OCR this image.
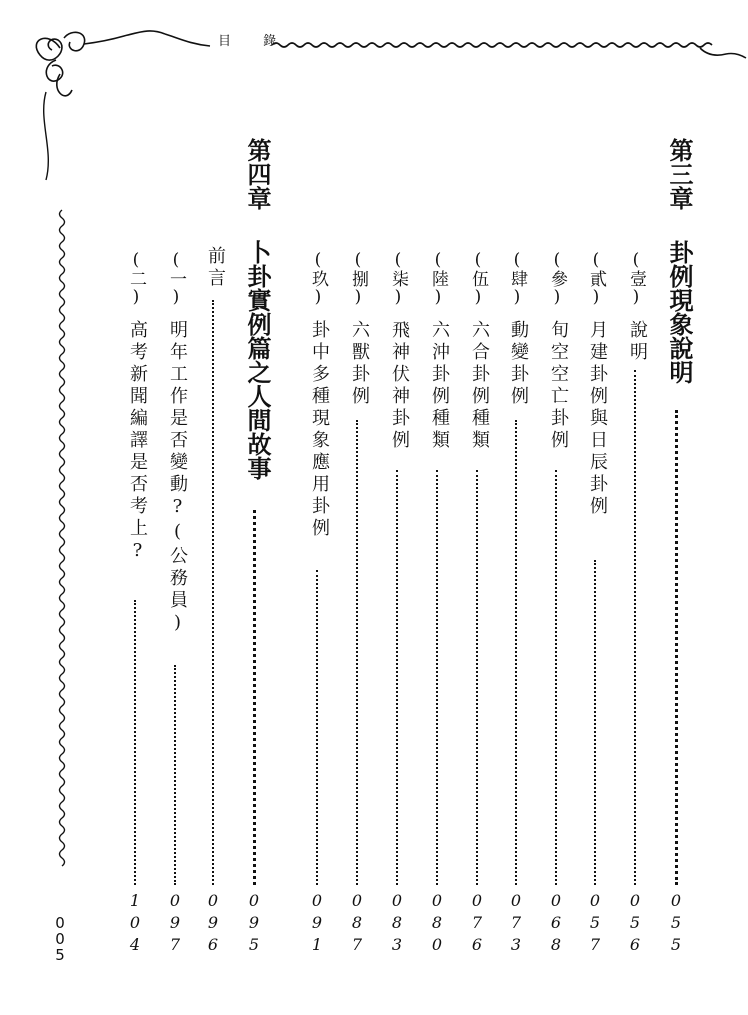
目 錄
005
第三章
卦例現象說明
055
(壹)
說明
056
(貳)
月建卦例與日辰卦例
057
(參)
旬空空亡卦例
068
(肆)
動變卦例
073
(伍)
六合卦例種類
076
(陸)
六沖卦例種類
080
(柒)
飛神伏神卦例
083
(捌)
六獸卦例
087
(玖)
卦中多種現象應用卦例
091
第四章
卜卦實例篇之人間故事
095
前言
096
(一)
明年工作是否變動?(公務員)
097
(二)
高考新聞編譯是否考上?
104
